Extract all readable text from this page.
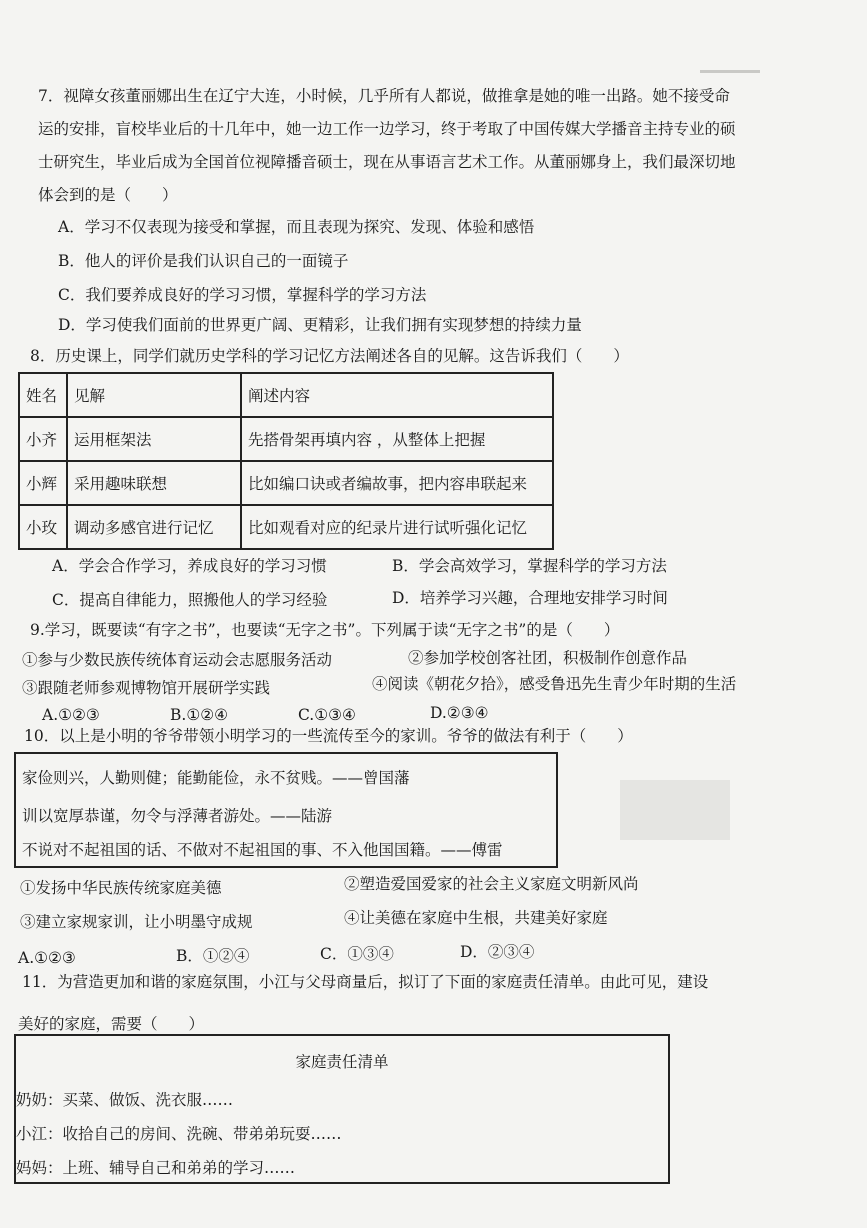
7．视障女孩董丽娜出生在辽宁大连，小时候，几乎所有人都说，做推拿是她的唯一出路。她不接受命
运的安排，盲校毕业后的十几年中，她一边工作一边学习，终于考取了中国传媒大学播音主持专业的硕
士研究生，毕业后成为全国首位视障播音硕士，现在从事语言艺术工作。从董丽娜身上，我们最深切地
体会到的是（　　）
A．学习不仅表现为接受和掌握，而且表现为探究、发现、体验和感悟
B．他人的评价是我们认识自己的一面镜子
C．我们要养成良好的学习习惯，掌握科学的学习方法
D．学习使我们面前的世界更广阔、更精彩，让我们拥有实现梦想的持续力量
8．历史课上，同学们就历史学科的学习记忆方法阐述各自的见解。这告诉我们（　　）
姓名	见解	阐述内容
小齐	运用框架法	先搭骨架再填内容 ，从整体上把握
小辉	采用趣味联想	比如编口诀或者编故事，把内容串联起来
小玫	调动多感官进行记忆	比如观看对应的纪录片进行试听强化记忆
A．学会合作学习，养成良好的学习习惯	B．学会高效学习，掌握科学的学习方法
C．提高自律能力，照搬他人的学习经验	D．培养学习兴趣，合理地安排学习时间
9.学习，既要读“有字之书”，也要读“无字之书”。下列属于读“无字之书”的是（　　）
①参与少数民族传统体育运动会志愿服务活动	②参加学校创客社团，积极制作创意作品
③跟随老师参观博物馆开展研学实践	④阅读《朝花夕拾》，感受鲁迅先生青少年时期的生活
A.①②③	B.①②④	C.①③④	D.②③④
10．以上是小明的爷爷带领小明学习的一些流传至今的家训。爷爷的做法有利于（　　）
家俭则兴，人勤则健；能勤能俭，永不贫贱。——曾国藩
训以宽厚恭谨，勿令与浮薄者游处。——陆游
不说对不起祖国的话、不做对不起祖国的事、不入他国国籍。——傅雷
①发扬中华民族传统家庭美德	②塑造爱国爱家的社会主义家庭文明新风尚
③建立家规家训，让小明墨守成规	④让美德在家庭中生根，共建美好家庭
A.①②③	B．①②④	C．①③④	D．②③④
11．为营造更加和谐的家庭氛围，小江与父母商量后，拟订了下面的家庭责任清单。由此可见，建设
美好的家庭，需要（　　）
家庭责任清单
奶奶：买菜、做饭、洗衣服……
小江：收拾自己的房间、洗碗、带弟弟玩耍……
妈妈：上班、辅导自己和弟弟的学习……
